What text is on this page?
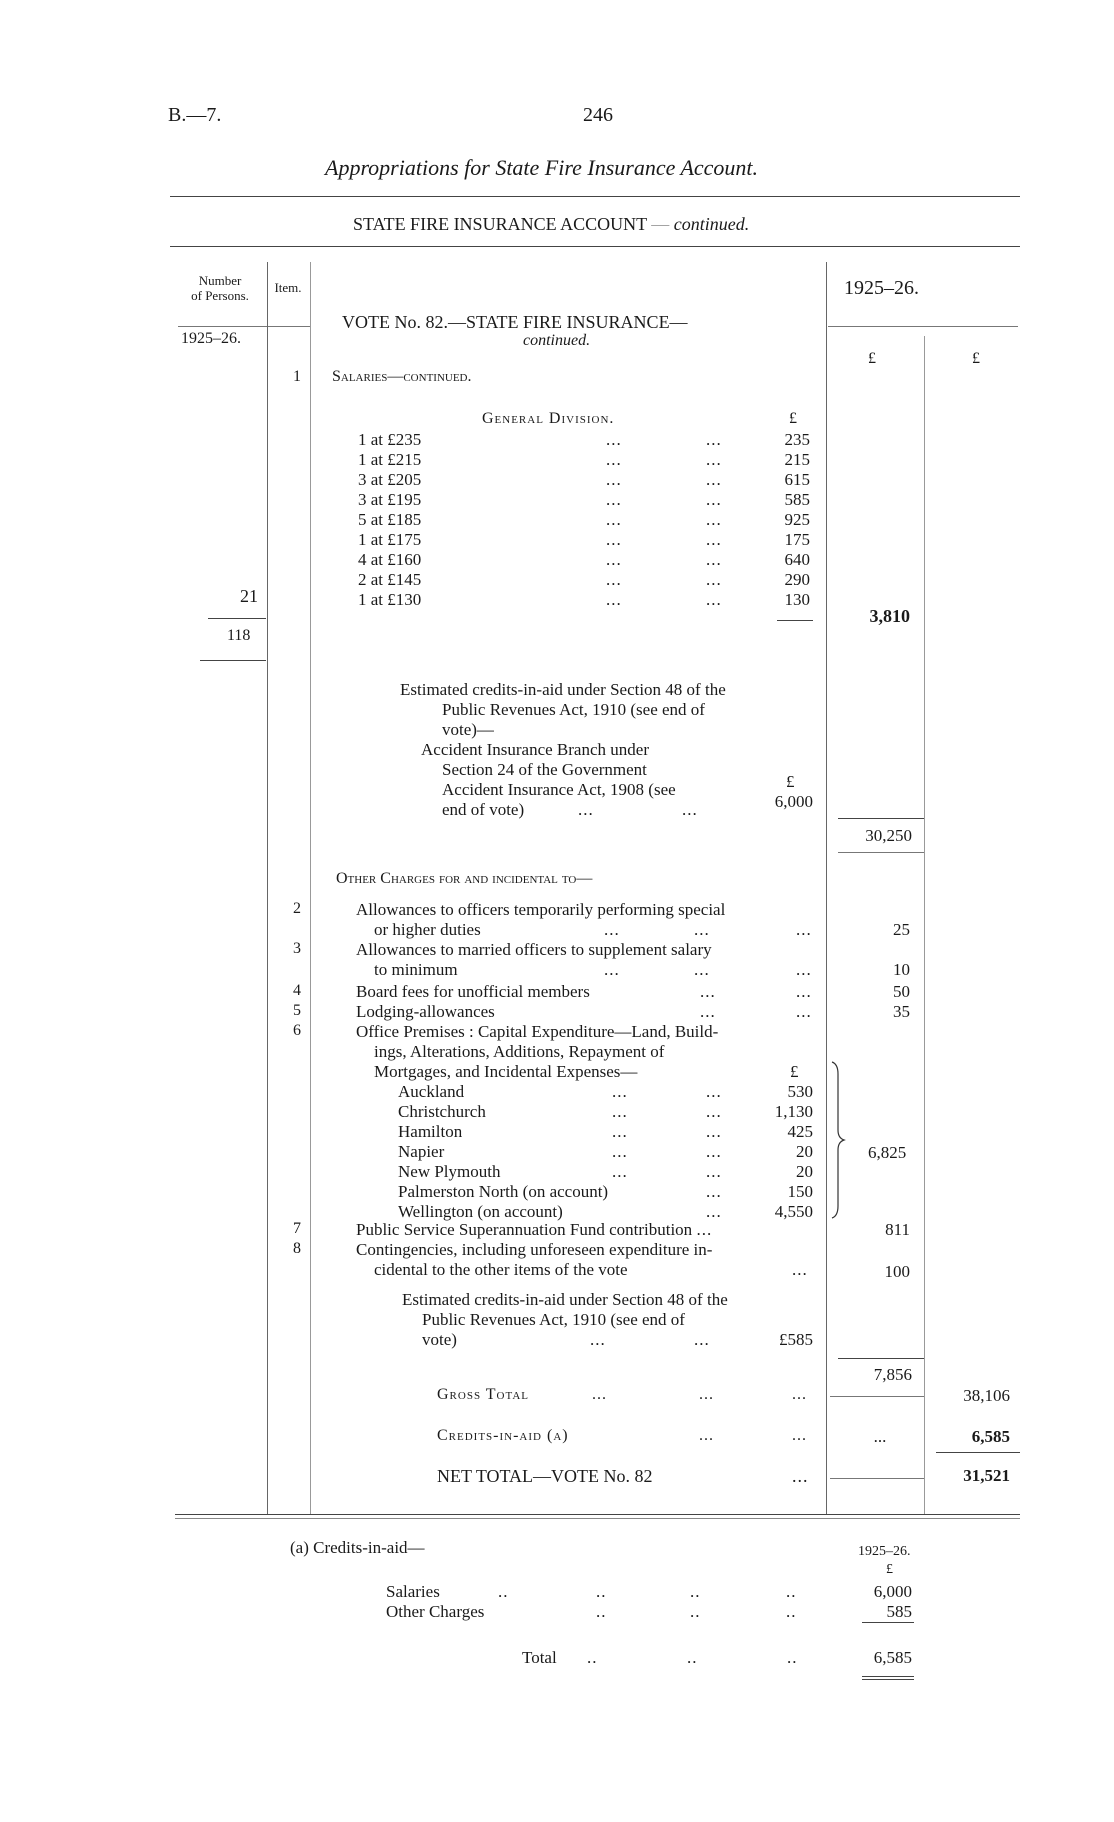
B.—7.	246
Appropriations for State Fire Insurance Account.
STATE FIRE INSURANCE ACCOUNT — continued.
Number
of Persons.
Item.
1925–26.
1925–26.
£	£
VOTE No. 82.—STATE FIRE INSURANCE—
continued.
1 Salaries—continued.
General Division.	£
1 at £235	...	...	235
1 at £215	...	...	215
3 at £205	...	...	615
3 at £195	...	...	585
5 at £185	...	...	925
1 at £175	...	...	175
4 at £160	...	...	640
2 at £145	...	...	290
1 at £130	...	...	130
21
118
3,810
Estimated credits-in-aid under Section 48 of the
Public Revenues Act, 1910 (see end of
vote)—
Accident Insurance Branch under
Section 24 of the Government
Accident Insurance Act, 1908 (see
end of vote)	...	...
£
6,000
30,250
Other Charges for and incidental to—
2	Allowances to officers temporarily performing special
or higher duties	...	...	...	25
3	Allowances to married officers to supplement salary
to minimum	...	...	...	10
4	Board fees for unofficial members	...	...	50
5	Lodging-allowances	...	...	35
6	Office Premises : Capital Expenditure—Land, Build-
ings, Alterations, Additions, Repayment of
Mortgages, and Incidental Expenses—	£
Auckland	...	...	530
Christchurch	...	...	1,130
Hamilton	...	...	425
Napier	...	...	20
New Plymouth	...	...	20
Palmerston North (on account)	...	150
Wellington (on account)	...	4,550
6,825
7	Public Service Superannuation Fund contribution ...	811
8	Contingencies, including unforeseen expenditure in-
cidental to the other items of the vote	...	100
Estimated credits-in-aid under Section 48 of the
Public Revenues Act, 1910 (see end of
vote)	...	...	£585
7,856
Gross Total	...	...	...	38,106
Credits-in-aid (a)	...	...	...	6,585
NET TOTAL—VOTE No. 82	...	31,521
(a) Credits-in-aid—	1925–26.
£
Salaries	..	..	..	..	6,000
Other Charges	..	..	..	585
Total ..	..	..	6,585
